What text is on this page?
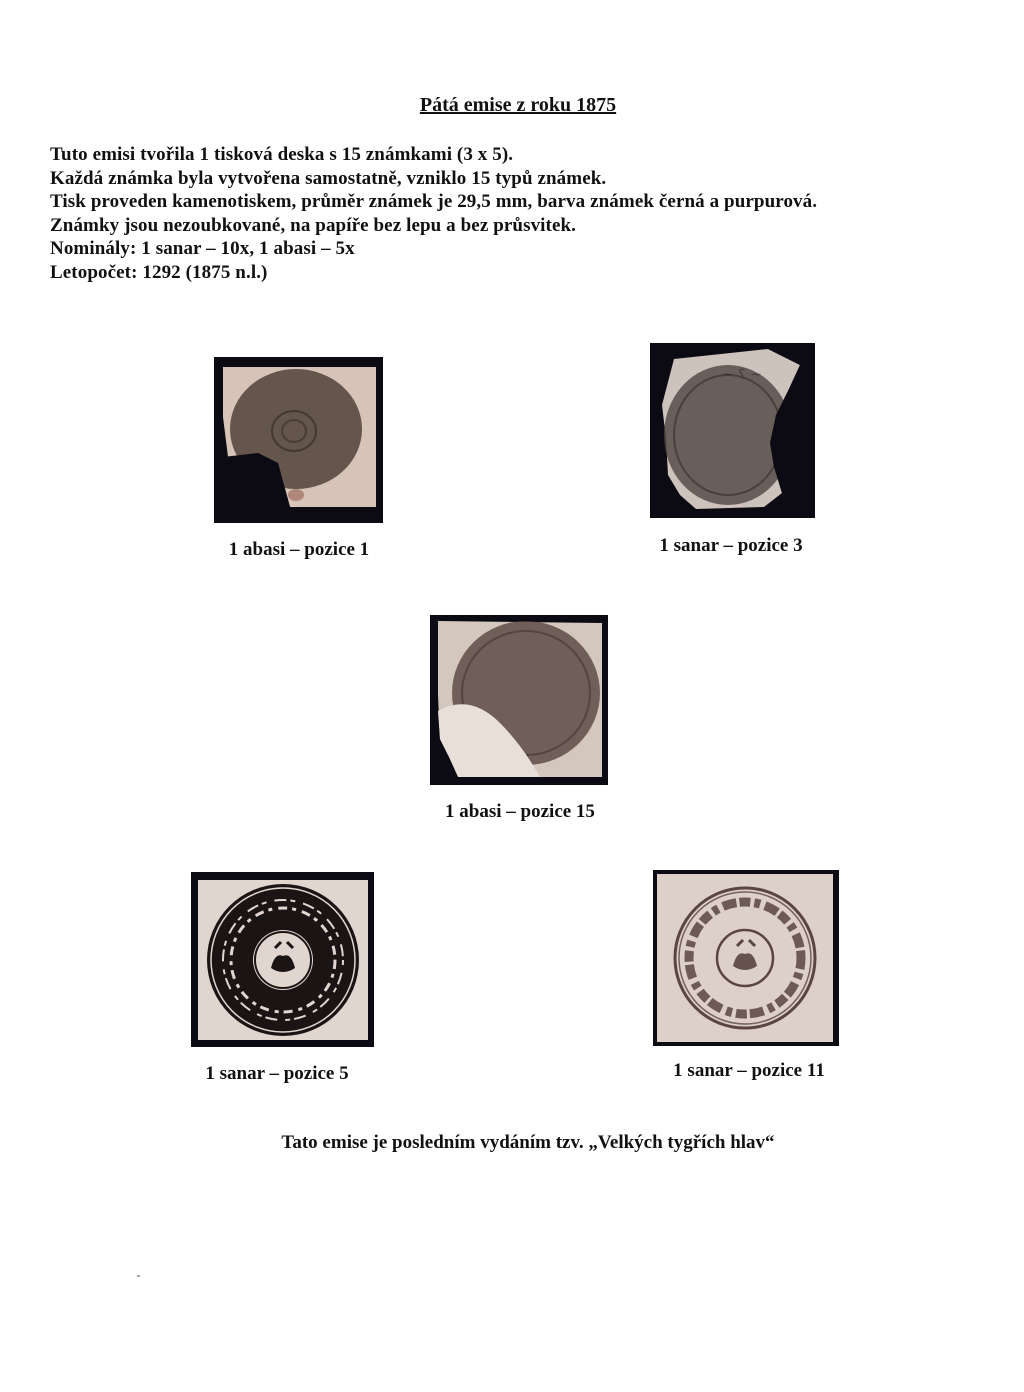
Pátá emise z roku 1875
Tuto emisi tvořila 1 tisková deska s 15 známkami (3 x 5).
Každá známka byla vytvořena samostatně, vzniklo 15 typů známek.
Tisk proveden kamenotiskem, průměr známek je 29,5 mm, barva známek černá a purpurová.
Známky jsou nezoubkované, na papíře bez lepu a bez průsvitek.
Nominály: 1 sanar – 10x, 1 abasi – 5x
Letopočet: 1292 (1875 n.l.)
1 abasi – pozice 1
~ ؟ ~
1 sanar – pozice 3
1 abasi – pozice 15
1 sanar – pozice 5	1 sanar – pozice 11
Tato emise je posledním vydáním tzv. „Velkých tygřích hlav“
